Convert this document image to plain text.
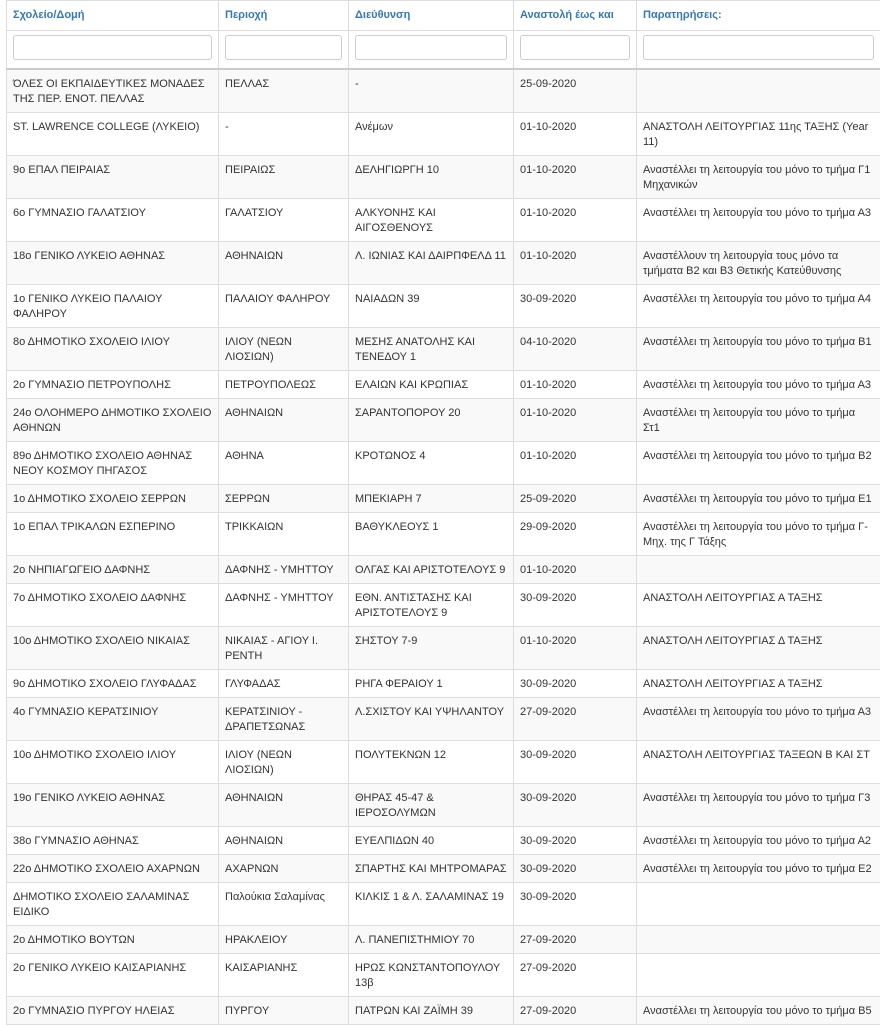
Σχολείο/Δομή	Περιοχή	Διεύθυνση	Αναστολή έως και	Παρατηρήσεις:

ΌΛΕΣ ΟΙ ΕΚΠΑΙΔΕΥΤΙΚΕΣ ΜΟΝΑΔΕΣ ΤΗΣ ΠΕΡ. ΕΝΟΤ. ΠΕΛΛΑΣ	ΠΕΛΛΑΣ	-	25-09-2020	
ST. LAWRENCE COLLEGE (ΛΥΚΕΙΟ)	-	Ανέμων	01-10-2020	ΑΝΑΣΤΟΛΗ ΛΕΙΤΟΥΡΓΙΑΣ 11ης ΤΑΞΗΣ (Year 11)
9ο ΕΠΑΛ ΠΕΙΡΑΙΑΣ	ΠΕΙΡΑΙΩΣ	ΔΕΛΗΓΙΩΡΓΗ 10	01-10-2020	Αναστέλλει τη λειτουργία του μόνο το τμήμα Γ1 Μηχανικών
6ο ΓΥΜΝΑΣΙΟ ΓΑΛΑΤΣΙΟΥ	ΓΑΛΑΤΣΙΟΥ	ΑΛΚΥΟΝΗΣ ΚΑΙ ΑΙΓΟΣΘΕΝΟΥΣ	01-10-2020	Αναστέλλει τη λειτουργία του μόνο το τμήμα Α3
18ο ΓΕΝΙΚΟ ΛΥΚΕΙΟ ΑΘΗΝΑΣ	ΑΘΗΝΑΙΩΝ	Λ. ΙΩΝΙΑΣ ΚΑΙ ΔΑΙΡΠΦΕΛΔ 11	01-10-2020	Αναστέλλουν τη λειτουργία τους μόνο τα τμήματα Β2 και Β3 Θετικής Κατεύθυνσης
1ο ΓΕΝΙΚΟ ΛΥΚΕΙΟ ΠΑΛΑΙΟΥ ΦΑΛΗΡΟΥ	ΠΑΛΑΙΟΥ ΦΑΛΗΡΟΥ	ΝΑΙΑΔΩΝ 39	30-09-2020	Αναστέλλει τη λειτουργία του μόνο το τμήμα Α4
8ο ΔΗΜΟΤΙΚΟ ΣΧΟΛΕΙΟ ΙΛΙΟΥ	ΙΛΙΟΥ (ΝΕΩΝ ΛΙΟΣΙΩΝ)	ΜΕΣΗΣ ΑΝΑΤΟΛΗΣ ΚΑΙ ΤΕΝΕΔΟΥ 1	04-10-2020	Αναστέλλει τη λειτουργία του μόνο το τμήμα Β1
2ο ΓΥΜΝΑΣΙΟ ΠΕΤΡΟΥΠΟΛΗΣ	ΠΕΤΡΟΥΠΟΛΕΩΣ	ΕΛΑΙΩΝ ΚΑΙ ΚΡΩΠΙΑΣ	01-10-2020	Αναστέλλει τη λειτουργία του μόνο το τμήμα Α3
24ο ΟΛΟΗΜΕΡΟ ΔΗΜΟΤΙΚΟ ΣΧΟΛΕΙΟ ΑΘΗΝΩΝ	ΑΘΗΝΑΙΩΝ	ΣΑΡΑΝΤΟΠΟΡΟΥ 20	01-10-2020	Αναστέλλει τη λειτουργία του μόνο το τμήμα Στ1
89ο ΔΗΜΟΤΙΚΟ ΣΧΟΛΕΙΟ ΑΘΗΝΑΣ ΝΕΟΥ ΚΟΣΜΟΥ ΠΗΓΑΣΟΣ	ΑΘΗΝΑ	ΚΡΟΤΩΝΟΣ 4	01-10-2020	Αναστέλλει τη λειτουργία του μόνο το τμήμα Β2
1ο ΔΗΜΟΤΙΚΟ ΣΧΟΛΕΙΟ ΣΕΡΡΩΝ	ΣΕΡΡΩΝ	ΜΠΕΚΙΑΡΗ 7	25-09-2020	Αναστέλλει τη λειτουργία του μόνο το τμήμα Ε1
1ο ΕΠΑΛ ΤΡΙΚΑΛΩΝ ΕΣΠΕΡΙΝΟ	ΤΡΙΚΚΑΙΩΝ	ΒΑΘΥΚΛΕΟΥΣ 1	29-09-2020	Αναστέλλει τη λειτουργία του μόνο το τμήμα Γ-Μηχ. της Γ Τάξης
2ο ΝΗΠΙΑΓΩΓΕΙΟ ΔΑΦΝΗΣ	ΔΑΦΝΗΣ - ΥΜΗΤΤΟΥ	ΟΛΓΑΣ ΚΑΙ ΑΡΙΣΤΟΤΕΛΟΥΣ 9	01-10-2020	
7ο ΔΗΜΟΤΙΚΟ ΣΧΟΛΕΙΟ ΔΑΦΝΗΣ	ΔΑΦΝΗΣ - ΥΜΗΤΤΟΥ	ΕΘΝ. ΑΝΤΙΣΤΑΣΗΣ ΚΑΙ ΑΡΙΣΤΟΤΕΛΟΥΣ 9	30-09-2020	ΑΝΑΣΤΟΛΗ ΛΕΙΤΟΥΡΓΙΑΣ Α ΤΑΞΗΣ
10ο ΔΗΜΟΤΙΚΟ ΣΧΟΛΕΙΟ ΝΙΚΑΙΑΣ	ΝΙΚΑΙΑΣ - ΑΓΙΟΥ Ι. ΡΕΝΤΗ	ΣΗΣΤΟΥ 7-9	01-10-2020	ΑΝΑΣΤΟΛΗ ΛΕΙΤΟΥΡΓΙΑΣ Δ ΤΑΞΗΣ
9ο ΔΗΜΟΤΙΚΟ ΣΧΟΛΕΙΟ ΓΛΥΦΑΔΑΣ	ΓΛΥΦΑΔΑΣ	ΡΗΓΑ ΦΕΡΑΙΟΥ 1	30-09-2020	ΑΝΑΣΤΟΛΗ ΛΕΙΤΟΥΡΓΙΑΣ Α ΤΑΞΗΣ
4ο ΓΥΜΝΑΣΙΟ ΚΕΡΑΤΣΙΝΙΟΥ	ΚΕΡΑΤΣΙΝΙΟΥ - ΔΡΑΠΕΤΣΩΝΑΣ	Λ.ΣΧΙΣΤΟΥ ΚΑΙ ΥΨΗΛΑΝΤΟΥ	27-09-2020	Αναστέλλει τη λειτουργία του μόνο το τμήμα Α3
10ο ΔΗΜΟΤΙΚΟ ΣΧΟΛΕΙΟ ΙΛΙΟΥ	ΙΛΙΟΥ (ΝΕΩΝ ΛΙΟΣΙΩΝ)	ΠΟΛΥΤΕΚΝΩΝ 12	30-09-2020	ΑΝΑΣΤΟΛΗ ΛΕΙΤΟΥΡΓΙΑΣ ΤΑΞΕΩΝ Β ΚΑΙ ΣΤ
19ο ΓΕΝΙΚΟ ΛΥΚΕΙΟ ΑΘΗΝΑΣ	ΑΘΗΝΑΙΩΝ	ΘΗΡΑΣ 45-47 & ΙΕΡΟΣΟΛΥΜΩΝ	30-09-2020	Αναστέλλει τη λειτουργία του μόνο το τμήμα Γ3
38ο ΓΥΜΝΑΣΙΟ ΑΘΗΝΑΣ	ΑΘΗΝΑΙΩΝ	ΕΥΕΛΠΙΔΩΝ 40	30-09-2020	Αναστέλλει τη λειτουργία του μόνο το τμήμα Α2
22ο ΔΗΜΟΤΙΚΟ ΣΧΟΛΕΙΟ ΑΧΑΡΝΩΝ	ΑΧΑΡΝΩΝ	ΣΠΑΡΤΗΣ ΚΑΙ ΜΗΤΡΟΜΑΡΑΣ	30-09-2020	Αναστέλλει τη λειτουργία του μόνο το τμήμα Ε2
ΔΗΜΟΤΙΚΟ ΣΧΟΛΕΙΟ ΣΑΛΑΜΙΝΑΣ ΕΙΔΙΚΟ	Παλούκια Σαλαμίνας	ΚΙΛΚΙΣ 1 & Λ. ΣΑΛΑΜΙΝΑΣ 19	30-09-2020	
2ο ΔΗΜΟΤΙΚΟ ΒΟΥΤΩΝ	ΗΡΑΚΛΕΙΟΥ	Λ. ΠΑΝΕΠΙΣΤΗΜΙΟΥ 70	27-09-2020	
2ο ΓΕΝΙΚΟ ΛΥΚΕΙΟ ΚΑΙΣΑΡΙΑΝΗΣ	ΚΑΙΣΑΡΙΑΝΗΣ	ΗΡΩΣ ΚΩΝΣΤΑΝΤΟΠΟΥΛΟΥ 13β	27-09-2020	
2ο ΓΥΜΝΑΣΙΟ ΠΥΡΓΟΥ ΗΛΕΙΑΣ	ΠΥΡΓΟΥ	ΠΑΤΡΩΝ ΚΑΙ ΖΑΪΜΗ 39	27-09-2020	Αναστέλλει τη λειτουργία του μόνο το τμήμα Β5
